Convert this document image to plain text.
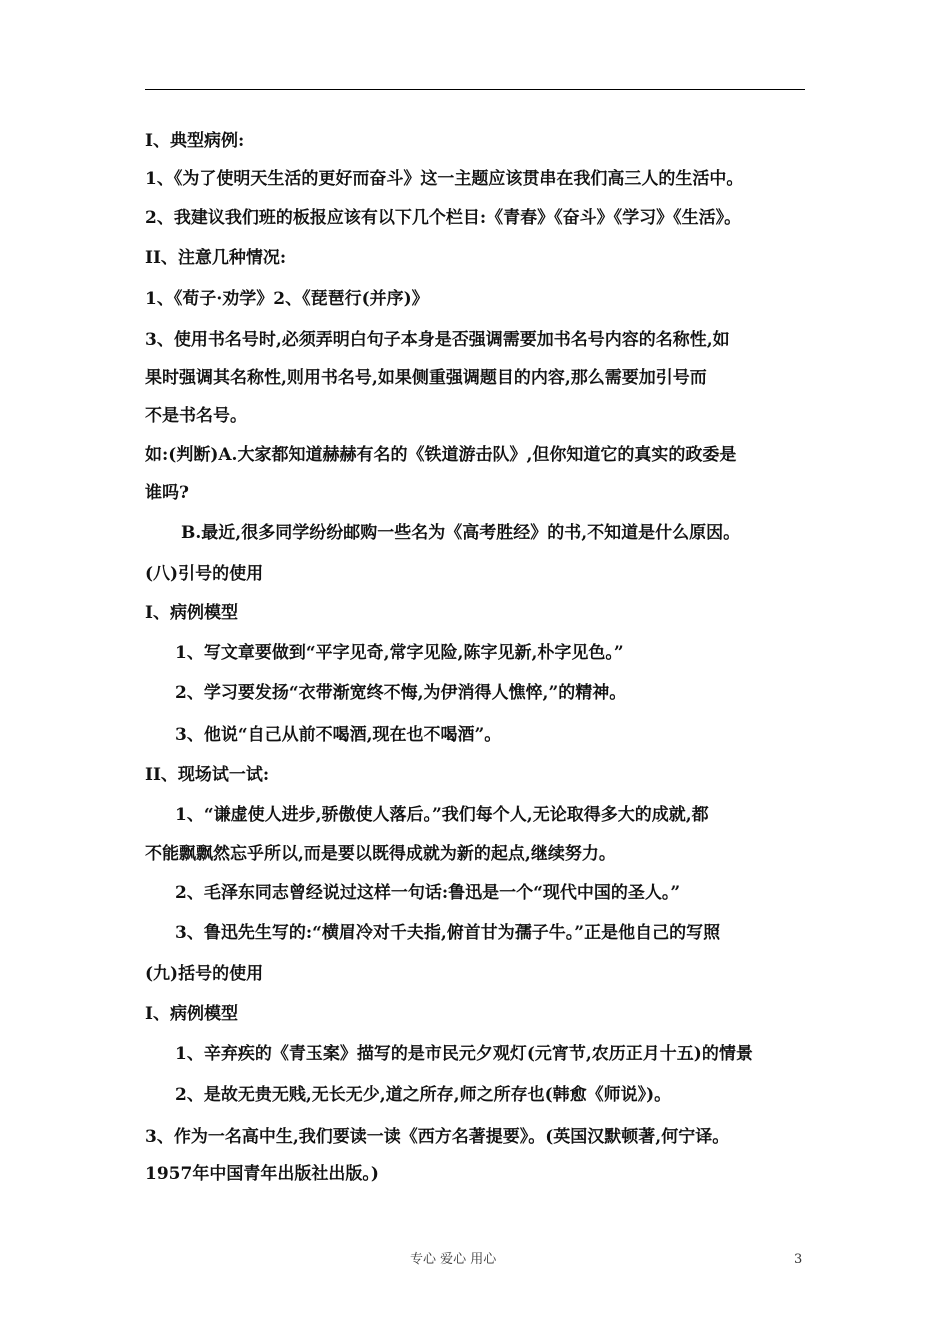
I、典型病例:
1、《为了使明天生活的更好而奋斗》这一主题应该贯串在我们高三人的生活中。
2、我建议我们班的板报应该有以下几个栏目:《青春》《奋斗》《学习》《生活》。
II、注意几种情况:
1、《荀子·劝学》2、《琵琶行(并序)》
3、使用书名号时,必须弄明白句子本身是否强调需要加书名号内容的名称性,如
果时强调其名称性,则用书名号,如果侧重强调题目的内容,那么需要加引号而
不是书名号。
如:(判断)A.大家都知道赫赫有名的《铁道游击队》,但你知道它的真实的政委是
谁吗?
B.最近,很多同学纷纷邮购一些名为《高考胜经》的书,不知道是什么原因。
(八)引号的使用
I、病例模型
1、写文章要做到“平字见奇,常字见险,陈字见新,朴字见色。”
2、学习要发扬“衣带渐宽终不悔,为伊消得人憔悴,”的精神。
3、他说“自己从前不喝酒,现在也不喝酒”。
II、现场试一试:
1、“谦虚使人进步,骄傲使人落后。”我们每个人,无论取得多大的成就,都
不能飘飘然忘乎所以,而是要以既得成就为新的起点,继续努力。
2、毛泽东同志曾经说过这样一句话:鲁迅是一个“现代中国的圣人。”
3、鲁迅先生写的:“横眉冷对千夫指,俯首甘为孺子牛。”正是他自己的写照
(九)括号的使用
I、病例模型
1、辛弃疾的《青玉案》描写的是市民元夕观灯(元宵节,农历正月十五)的情景
2、是故无贵无贱,无长无少,道之所存,师之所存也(韩愈《师说》)。
3、作为一名高中生,我们要读一读《西方名著提要》。(英国汉默顿著,何宁译。
1957年中国青年出版社出版。)
专心 爱心 用心	3
